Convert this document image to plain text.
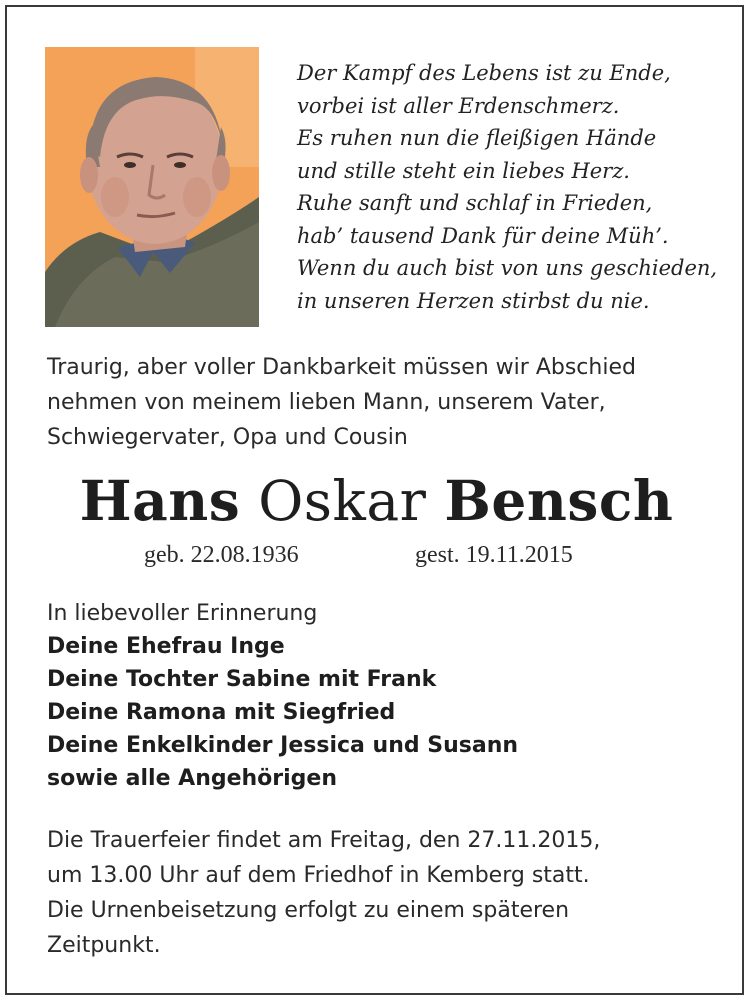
Der Kampf des Lebens ist zu Ende,
vorbei ist aller Erdenschmerz.
Es ruhen nun die fleißigen Hände
und stille steht ein liebes Herz.
Ruhe sanft und schlaf in Frieden,
hab’ tausend Dank für deine Müh’.
Wenn du auch bist von uns geschieden,
in unseren Herzen stirbst du nie.
Traurig, aber voller Dankbarkeit müssen wir Abschied
nehmen von meinem lieben Mann, unserem Vater,
Schwiegervater, Opa und Cousin
Hans Oskar Bensch
geb. 22.08.1936	gest. 19.11.2015
In liebevoller Erinnerung
Deine Ehefrau Inge
Deine Tochter Sabine mit Frank
Deine Ramona mit Siegfried
Deine Enkelkinder Jessica und Susann
sowie alle Angehörigen
Die Trauerfeier findet am Freitag, den 27.11.2015,
um 13.00 Uhr auf dem Friedhof in Kemberg statt.
Die Urnenbeisetzung erfolgt zu einem späteren
Zeitpunkt.
